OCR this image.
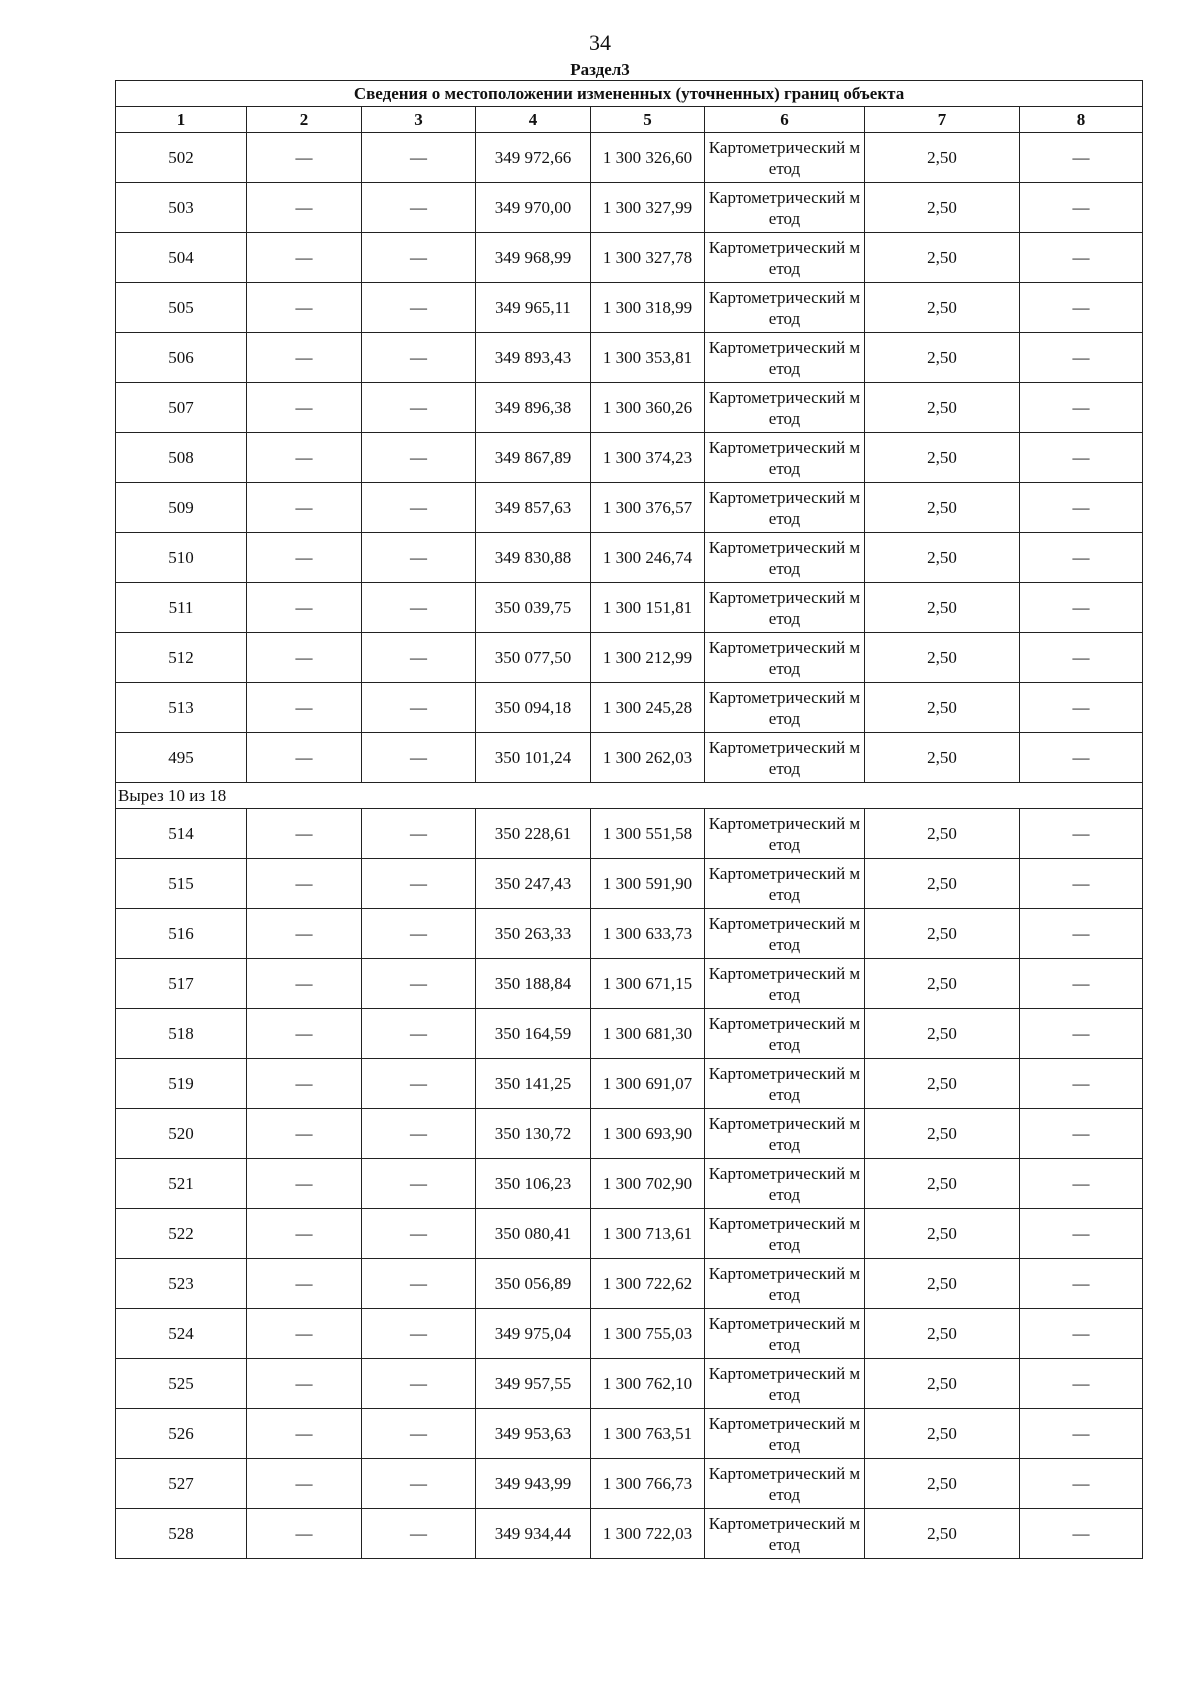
34
Раздел3
Сведения о местоположении измененных (уточненных) границ объекта							
1	2	3	4	5	6	7	8
502	—	—	349 972,66	1 300 326,60	Картометрический метод	2,50	—
503	—	—	349 970,00	1 300 327,99	Картометрический метод	2,50	—
504	—	—	349 968,99	1 300 327,78	Картометрический метод	2,50	—
505	—	—	349 965,11	1 300 318,99	Картометрический метод	2,50	—
506	—	—	349 893,43	1 300 353,81	Картометрический метод	2,50	—
507	—	—	349 896,38	1 300 360,26	Картометрический метод	2,50	—
508	—	—	349 867,89	1 300 374,23	Картометрический метод	2,50	—
509	—	—	349 857,63	1 300 376,57	Картометрический метод	2,50	—
510	—	—	349 830,88	1 300 246,74	Картометрический метод	2,50	—
511	—	—	350 039,75	1 300 151,81	Картометрический метод	2,50	—
512	—	—	350 077,50	1 300 212,99	Картометрический метод	2,50	—
513	—	—	350 094,18	1 300 245,28	Картометрический метод	2,50	—
495	—	—	350 101,24	1 300 262,03	Картометрический метод	2,50	—
Вырез 10 из 18							
514	—	—	350 228,61	1 300 551,58	Картометрический метод	2,50	—
515	—	—	350 247,43	1 300 591,90	Картометрический метод	2,50	—
516	—	—	350 263,33	1 300 633,73	Картометрический метод	2,50	—
517	—	—	350 188,84	1 300 671,15	Картометрический метод	2,50	—
518	—	—	350 164,59	1 300 681,30	Картометрический метод	2,50	—
519	—	—	350 141,25	1 300 691,07	Картометрический метод	2,50	—
520	—	—	350 130,72	1 300 693,90	Картометрический метод	2,50	—
521	—	—	350 106,23	1 300 702,90	Картометрический метод	2,50	—
522	—	—	350 080,41	1 300 713,61	Картометрический метод	2,50	—
523	—	—	350 056,89	1 300 722,62	Картометрический метод	2,50	—
524	—	—	349 975,04	1 300 755,03	Картометрический метод	2,50	—
525	—	—	349 957,55	1 300 762,10	Картометрический метод	2,50	—
526	—	—	349 953,63	1 300 763,51	Картометрический метод	2,50	—
527	—	—	349 943,99	1 300 766,73	Картометрический метод	2,50	—
528	—	—	349 934,44	1 300 722,03	Картометрический метод	2,50	—
